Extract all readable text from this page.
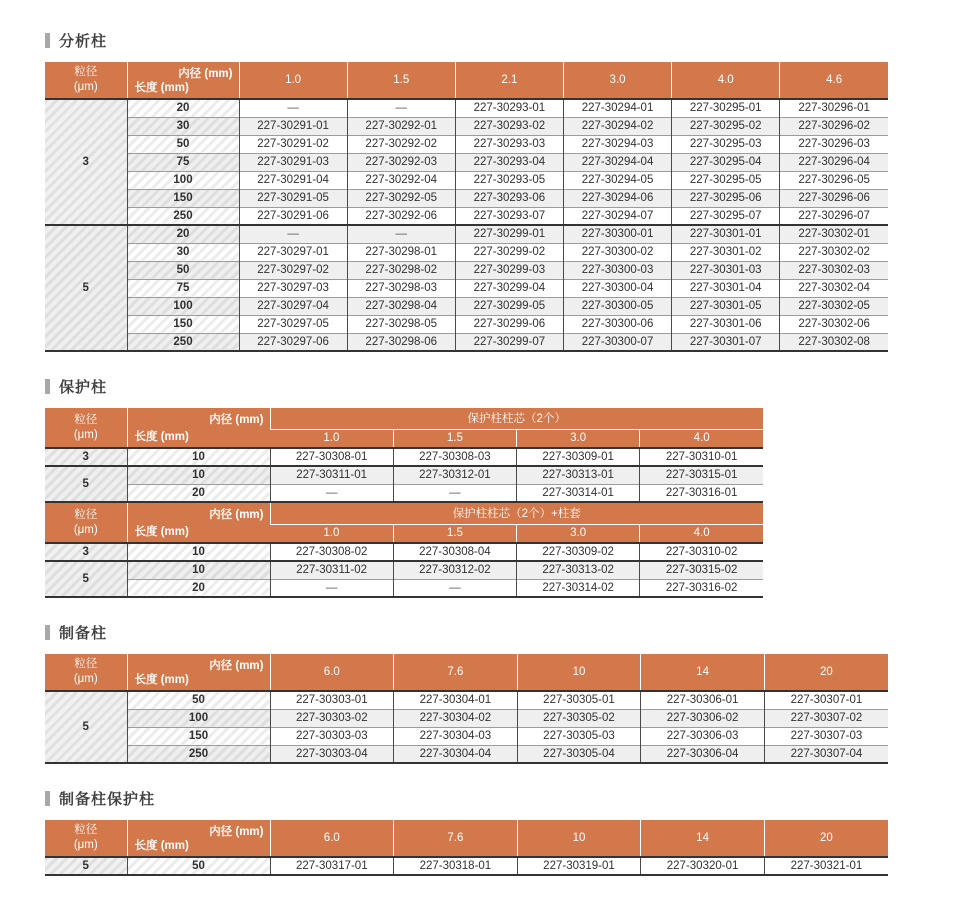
分析柱
粒径
(μm)

内径 (mm)
长度 (mm)
	1.0	1.5	2.1	3.0	4.0	4.6
3	20	—	—	227-30293-01	227-30294-01	227-30295-01	227-30296-01
	30	227-30291-01	227-30292-01	227-30293-02	227-30294-02	227-30295-02	227-30296-02
	50	227-30291-02	227-30292-02	227-30293-03	227-30294-03	227-30295-03	227-30296-03
	75	227-30291-03	227-30292-03	227-30293-04	227-30294-04	227-30295-04	227-30296-04
	100	227-30291-04	227-30292-04	227-30293-05	227-30294-05	227-30295-05	227-30296-05
	150	227-30291-05	227-30292-05	227-30293-06	227-30294-06	227-30295-06	227-30296-06
	250	227-30291-06	227-30292-06	227-30293-07	227-30294-07	227-30295-07	227-30296-07
5	20	—	—	227-30299-01	227-30300-01	227-30301-01	227-30302-01
	30	227-30297-01	227-30298-01	227-30299-02	227-30300-02	227-30301-02	227-30302-02
	50	227-30297-02	227-30298-02	227-30299-03	227-30300-03	227-30301-03	227-30302-03
	75	227-30297-03	227-30298-03	227-30299-04	227-30300-04	227-30301-04	227-30302-04
	100	227-30297-04	227-30298-04	227-30299-05	227-30300-05	227-30301-05	227-30302-05
	150	227-30297-05	227-30298-05	227-30299-06	227-30300-06	227-30301-06	227-30302-06
	250	227-30297-06	227-30298-06	227-30299-07	227-30300-07	227-30301-07	227-30302-08
保护柱
粒径
(μm)

内径 (mm)
长度 (mm)
	保护柱柱芯（2个）
		1.0	1.5	3.0	4.0
3	10	227-30308-01	227-30308-03	227-30309-01	227-30310-01
5	10	227-30311-01	227-30312-01	227-30313-01	227-30315-01
	20	—	—	227-30314-01	227-30316-01
粒径
(μm)

内径 (mm)
长度 (mm)
	保护柱柱芯（2个）+柱套
		1.0	1.5	3.0	4.0
3	10	227-30308-02	227-30308-04	227-30309-02	227-30310-02
5	10	227-30311-02	227-30312-02	227-30313-02	227-30315-02
	20	—	—	227-30314-02	227-30316-02
制备柱
粒径
(μm)

内径 (mm)
长度 (mm)
	6.0	7.6	10	14	20
5	50	227-30303-01	227-30304-01	227-30305-01	227-30306-01	227-30307-01
	100	227-30303-02	227-30304-02	227-30305-02	227-30306-02	227-30307-02
	150	227-30303-03	227-30304-03	227-30305-03	227-30306-03	227-30307-03
	250	227-30303-04	227-30304-04	227-30305-04	227-30306-04	227-30307-04
制备柱保护柱
粒径
(μm)

内径 (mm)
长度 (mm)
	6.0	7.6	10	14	20
5	50	227-30317-01	227-30318-01	227-30319-01	227-30320-01	227-30321-01
